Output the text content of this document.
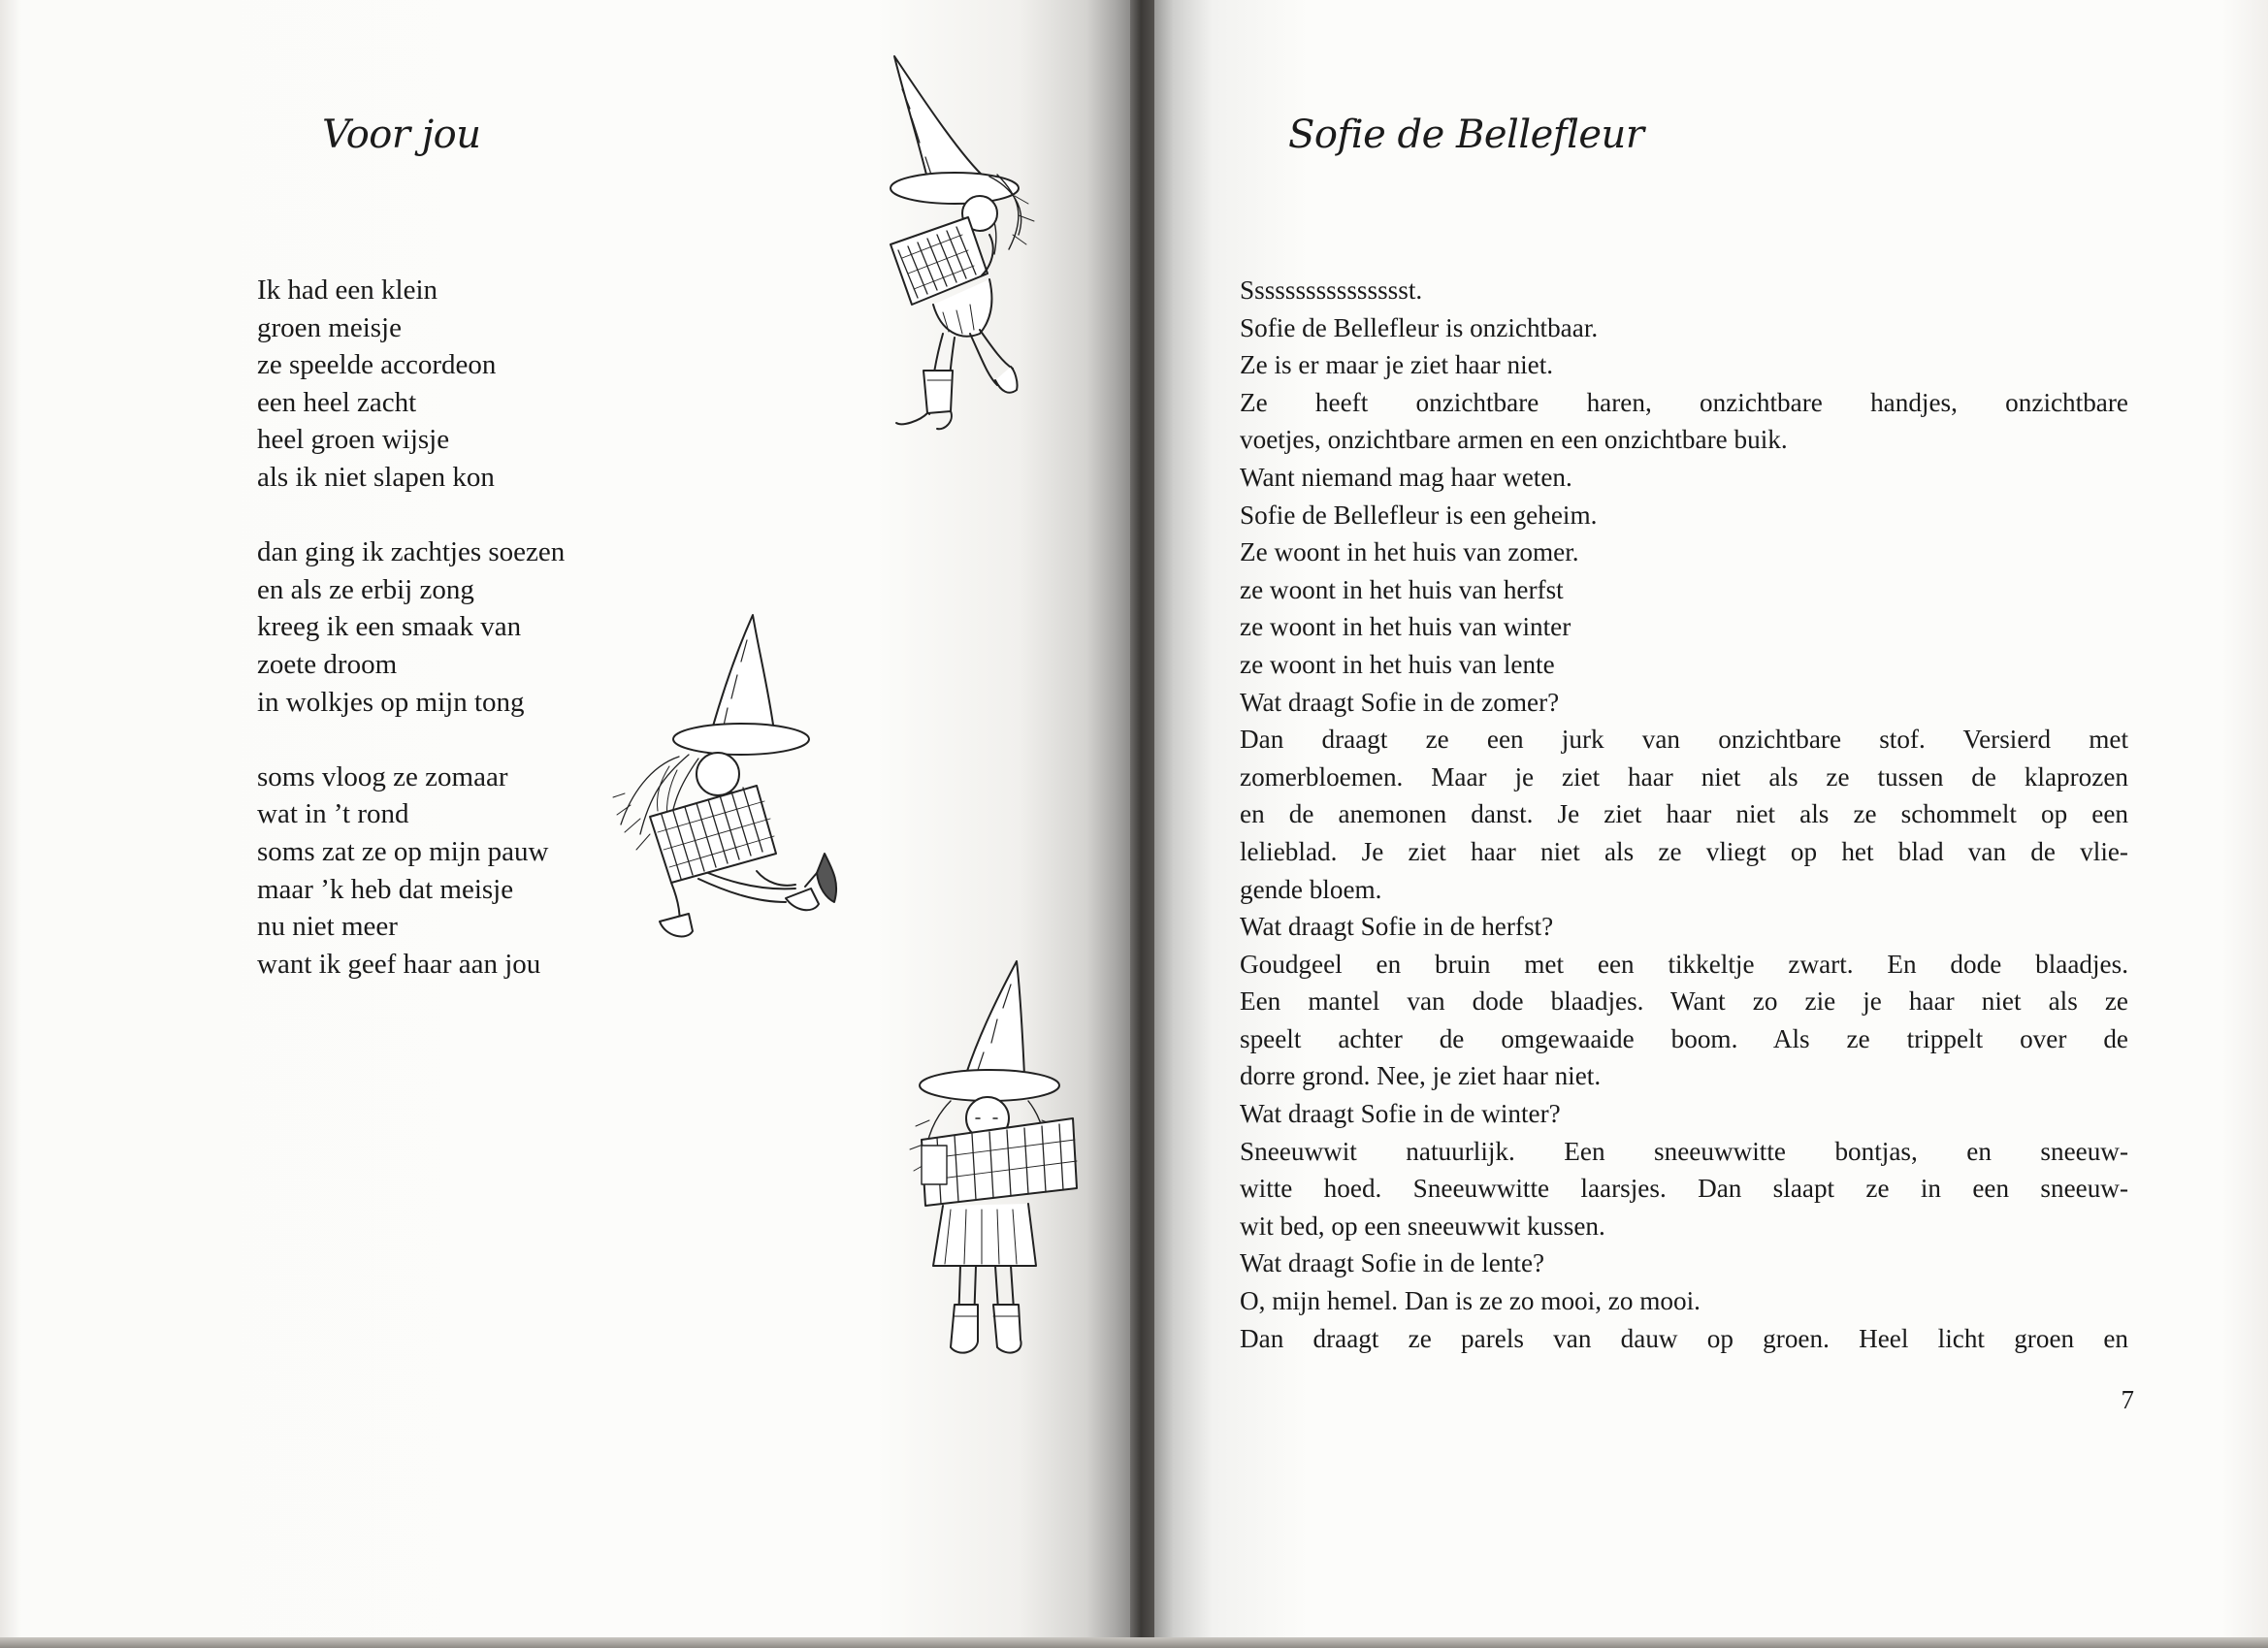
Voor jou
Ik had een klein
groen meisje
ze speelde accordeon
een heel zacht
heel groen wijsje
als ik niet slapen kon
dan ging ik zachtjes soezen
en als ze erbij zong
kreeg ik een smaak van
zoete droom
in wolkjes op mijn tong
soms vloog ze zomaar
wat in ’t rond
soms zat ze op mijn pauw
maar ’k heb dat meisje
nu niet meer
want ik geef haar aan jou
Sofie de Bellefleur
Sssssssssssssssst.
Sofie de Bellefleur is onzichtbaar.
Ze is er maar je ziet haar niet.
Ze heeft onzichtbare haren, onzichtbare handjes, onzichtbare
voetjes, onzichtbare armen en een onzichtbare buik.
Want niemand mag haar weten.
Sofie de Bellefleur is een geheim.
Ze woont in het huis van zomer.
ze woont in het huis van herfst
ze woont in het huis van winter
ze woont in het huis van lente
Wat draagt Sofie in de zomer?
Dan draagt ze een jurk van onzichtbare stof. Versierd met
zomerbloemen. Maar je ziet haar niet als ze tussen de klaprozen
en de anemonen danst. Je ziet haar niet als ze schommelt op een
lelieblad. Je ziet haar niet als ze vliegt op het blad van de vlie-
gende bloem.
Wat draagt Sofie in de herfst?
Goudgeel en bruin met een tikkeltje zwart. En dode blaadjes.
Een mantel van dode blaadjes. Want zo zie je haar niet als ze
speelt achter de omgewaaide boom. Als ze trippelt over de
dorre grond. Nee, je ziet haar niet.
Wat draagt Sofie in de winter?
Sneeuwwit natuurlijk. Een sneeuwwitte bontjas, en sneeuw-
witte hoed. Sneeuwwitte laarsjes. Dan slaapt ze in een sneeuw-
wit bed, op een sneeuwwit kussen.
Wat draagt Sofie in de lente?
O, mijn hemel. Dan is ze zo mooi, zo mooi.
Dan draagt ze parels van dauw op groen. Heel licht groen en
7
